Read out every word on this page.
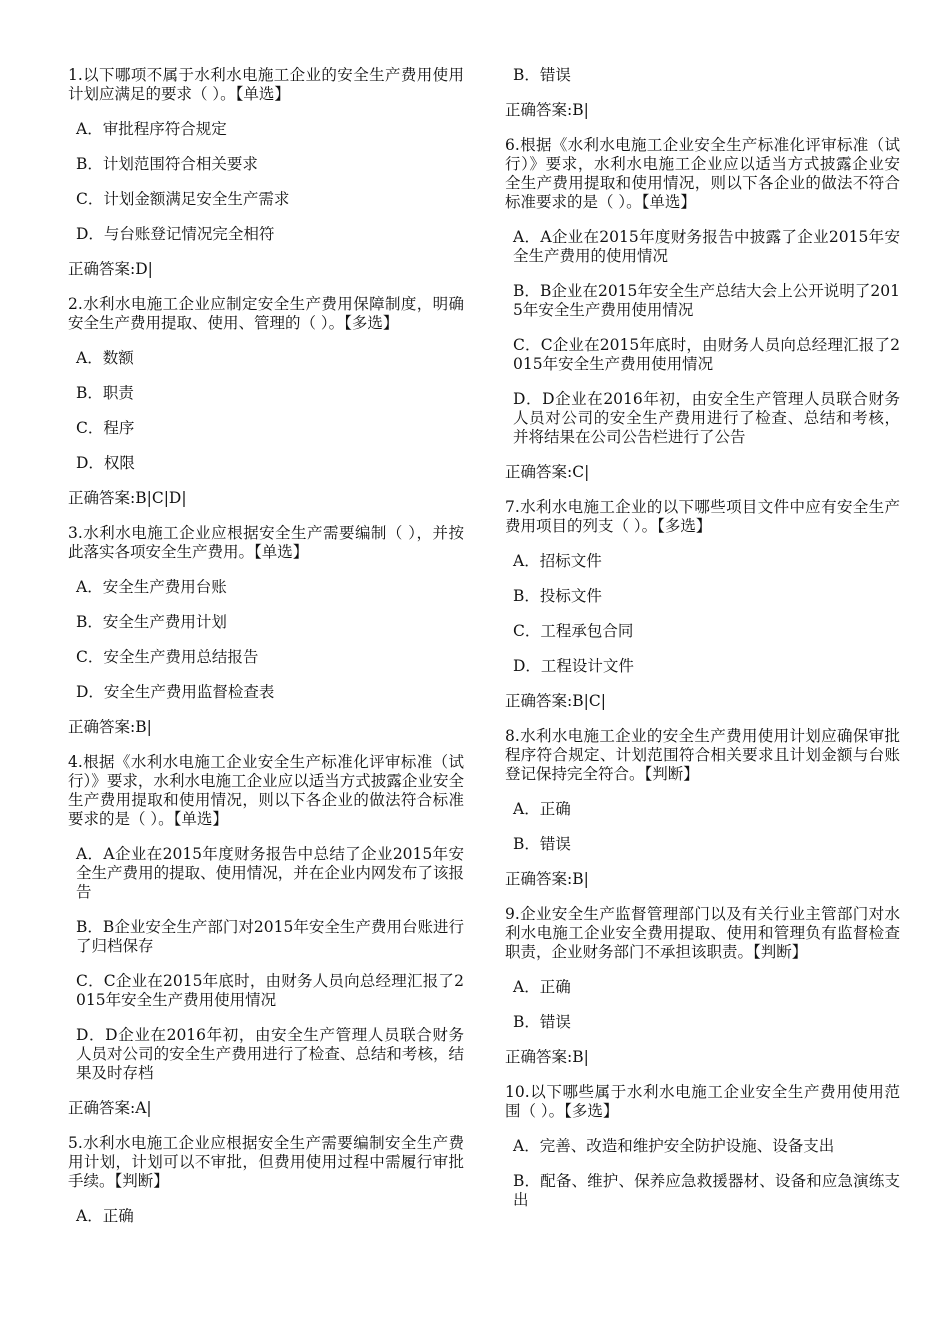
1.以下哪项不属于水利水电施工企业的安全生产费用使用计划应满足的要求（ ）。【单选】
A．审批程序符合规定
B．计划范围符合相关要求
C．计划金额满足安全生产需求
D．与台账登记情况完全相符
正确答案:D|
2.水利水电施工企业应制定安全生产费用保障制度，明确安全生产费用提取、使用、管理的（ ）。【多选】
A．数额
B．职责
C．程序
D．权限
正确答案:B|C|D|
3.水利水电施工企业应根据安全生产需要编制（ ），并按此落实各项安全生产费用。【单选】
A．安全生产费用台账
B．安全生产费用计划
C．安全生产费用总结报告
D．安全生产费用监督检查表
正确答案:B|
4.根据《水利水电施工企业安全生产标准化评审标准（试行）》要求，水利水电施工企业应以适当方式披露企业安全生产费用提取和使用情况，则以下各企业的做法符合标准要求的是（ ）。【单选】
A．A企业在2015年度财务报告中总结了企业2015年安全生产费用的提取、使用情况，并在企业内网发布了该报告
B．B企业安全生产部门对2015年安全生产费用台账进行了归档保存
C．C企业在2015年底时，由财务人员向总经理汇报了2015年安全生产费用使用情况
D．D企业在2016年初，由安全生产管理人员联合财务人员对公司的安全生产费用进行了检查、总结和考核，结果及时存档
正确答案:A|
5.水利水电施工企业应根据安全生产需要编制安全生产费用计划，计划可以不审批，但费用使用过程中需履行审批手续。【判断】
A．正确
B．错误
正确答案:B|
6.根据《水利水电施工企业安全生产标准化评审标准（试行）》要求，水利水电施工企业应以适当方式披露企业安全生产费用提取和使用情况，则以下各企业的做法不符合标准要求的是（ ）。【单选】
A．A企业在2015年度财务报告中披露了企业2015年安全生产费用的使用情况
B．B企业在2015年安全生产总结大会上公开说明了2015年安全生产费用使用情况
C．C企业在2015年底时，由财务人员向总经理汇报了2015年安全生产费用使用情况
D．D企业在2016年初，由安全生产管理人员联合财务人员对公司的安全生产费用进行了检查、总结和考核，并将结果在公司公告栏进行了公告
正确答案:C|
7.水利水电施工企业的以下哪些项目文件中应有安全生产费用项目的列支（ ）。【多选】
A．招标文件
B．投标文件
C．工程承包合同
D．工程设计文件
正确答案:B|C|
8.水利水电施工企业的安全生产费用使用计划应确保审批程序符合规定、计划范围符合相关要求且计划金额与台账登记保持完全符合。【判断】
A．正确
B．错误
正确答案:B|
9.企业安全生产监督管理部门以及有关行业主管部门对水利水电施工企业安全费用提取、使用和管理负有监督检查职责，企业财务部门不承担该职责。【判断】
A．正确
B．错误
正确答案:B|
10.以下哪些属于水利水电施工企业安全生产费用使用范围（ ）。【多选】
A．完善、改造和维护安全防护设施、设备支出
B．配备、维护、保养应急救援器材、设备和应急演练支出
